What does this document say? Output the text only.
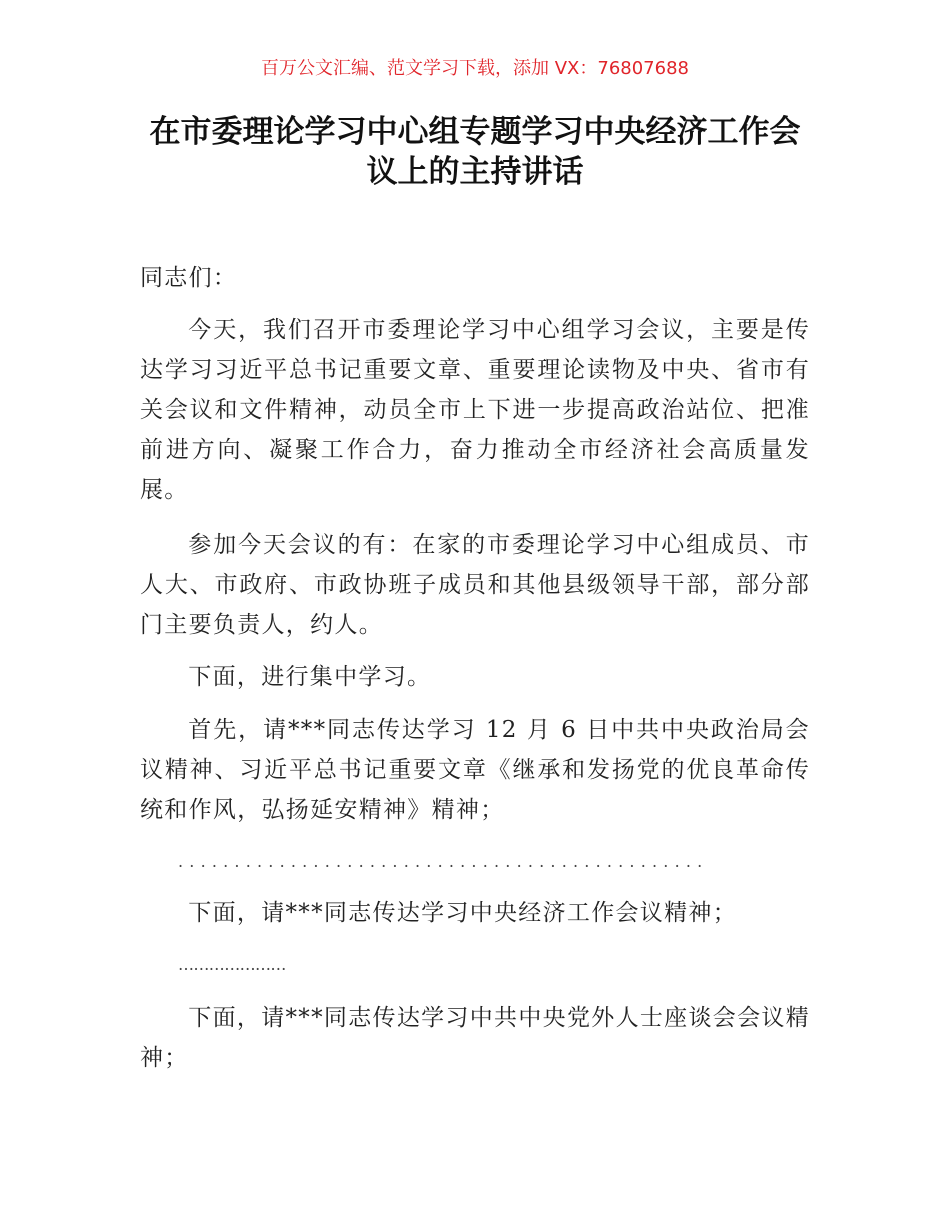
百万公文汇编、范文学习下载，添加 VX：76807688
在市委理论学习中心组专题学习中央经济工作会议上的主持讲话
同志们：
今天，我们召开市委理论学习中心组学习会议，主要是传达学习习近平总书记重要文章、重要理论读物及中央、省市有关会议和文件精神，动员全市上下进一步提高政治站位、把准前进方向、凝聚工作合力，奋力推动全市经济社会高质量发展。
参加今天会议的有：在家的市委理论学习中心组成员、市人大、市政府、市政协班子成员和其他县级领导干部，部分部门主要负责人，约人。
下面，进行集中学习。
首先，请***同志传达学习 12 月 6 日中共中央政治局会议精神、习近平总书记重要文章《继承和发扬党的优良革命传统和作风，弘扬延安精神》精神；
...............................................
下面，请***同志传达学习中央经济工作会议精神；
…………………
下面，请***同志传达学习中共中央党外人士座谈会会议精神；
